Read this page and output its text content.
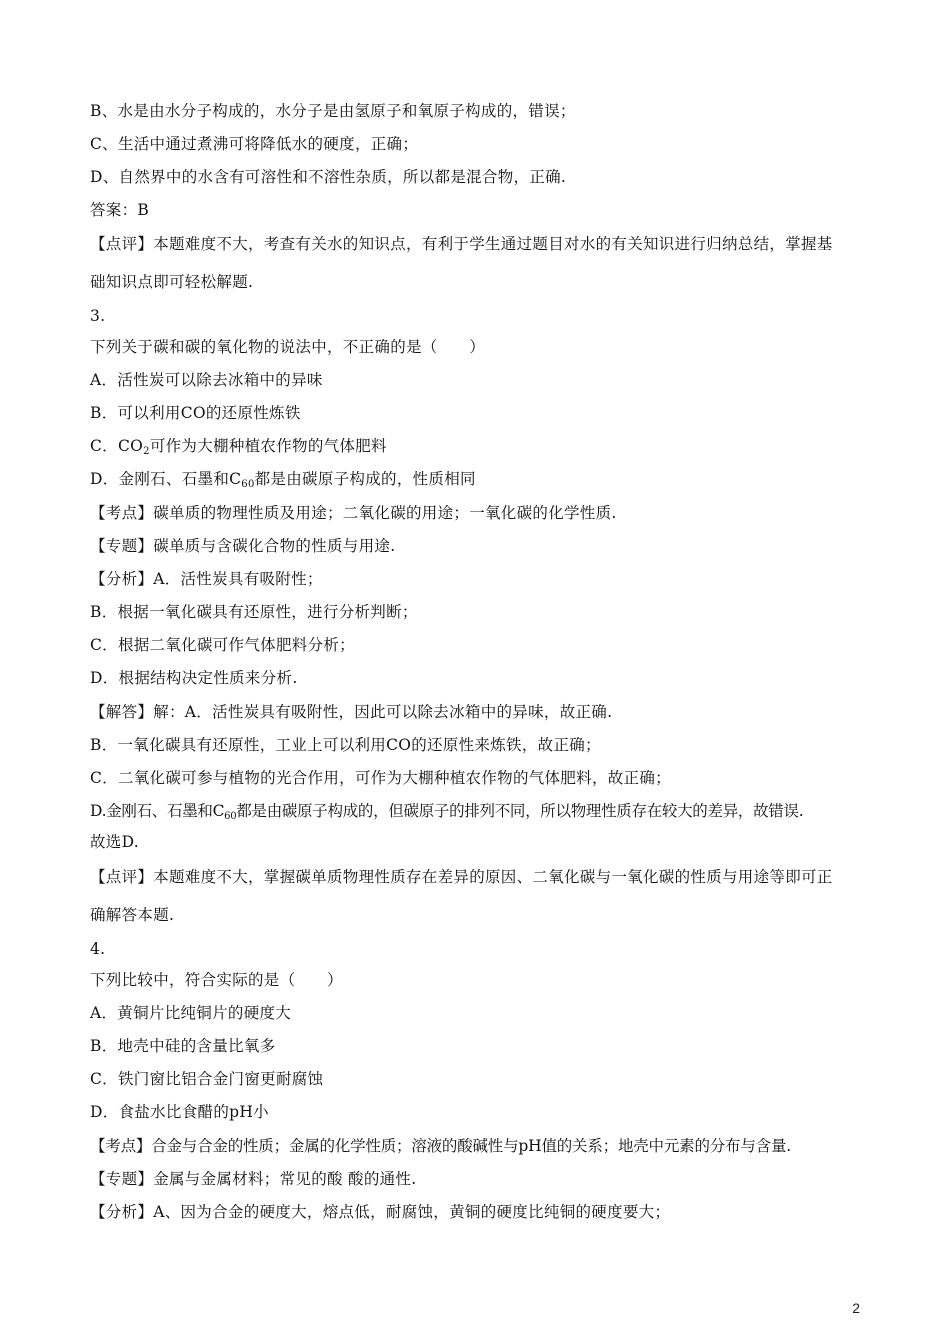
B、水是由水分子构成的，水分子是由氢原子和氧原子构成的，错误；
C、生活中通过煮沸可将降低水的硬度，正确；
D、自然界中的水含有可溶性和不溶性杂质，所以都是混合物，正确.
答案：B
【点评】本题难度不大，考查有关水的知识点，有利于学生通过题目对水的有关知识进行归纳总结，掌握基
础知识点即可轻松解题.
3.
下列关于碳和碳的氧化物的说法中，不正确的是（　　）
A．活性炭可以除去冰箱中的异味
B．可以利用CO的还原性炼铁
C．$CO_2$可作为大棚种植农作物的气体肥料
D．金刚石、石墨和$C_{60}$都是由碳原子构成的，性质相同
【考点】碳单质的物理性质及用途；二氧化碳的用途；一氧化碳的化学性质.
【专题】碳单质与含碳化合物的性质与用途.
【分析】A．活性炭具有吸附性；
B．根据一氧化碳具有还原性，进行分析判断；
C．根据二氧化碳可作气体肥料分析；
D．根据结构决定性质来分析.
【解答】解：A．活性炭具有吸附性，因此可以除去冰箱中的异味，故正确.
B．一氧化碳具有还原性，工业上可以利用CO的还原性来炼铁，故正确；
C．二氧化碳可参与植物的光合作用，可作为大棚种植农作物的气体肥料，故正确；
D.金刚石、石墨和$C_{60}$都是由碳原子构成的，但碳原子的排列不同，所以物理性质存在较大的差异，故错误.
故选D.
【点评】本题难度不大，掌握碳单质物理性质存在差异的原因、二氧化碳与一氧化碳的性质与用途等即可正
确解答本题.
4.
下列比较中，符合实际的是（　　）
A．黄铜片比纯铜片的硬度大
B．地壳中硅的含量比氧多
C．铁门窗比铝合金门窗更耐腐蚀
D．食盐水比食醋的pH小
【考点】合金与合金的性质；金属的化学性质；溶液的酸碱性与pH值的关系；地壳中元素的分布与含量.
【专题】金属与金属材料；常见的酸 酸的通性.
【分析】A、因为合金的硬度大，熔点低，耐腐蚀，黄铜的硬度比纯铜的硬度要大；
2
